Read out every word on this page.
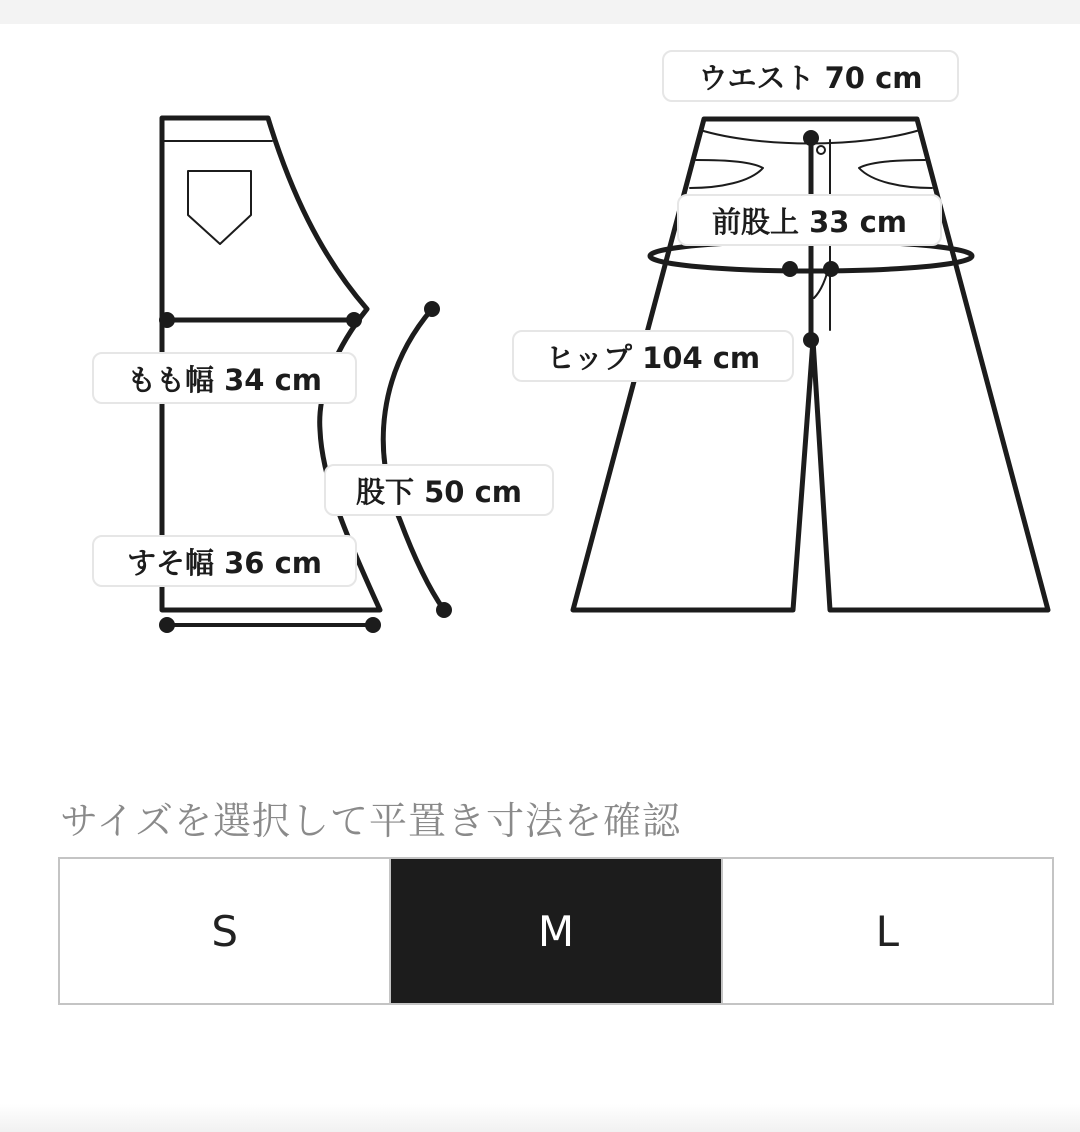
ウエスト 70 cm
前股上 33 cm
ヒップ 104 cm
もも幅 34 cm
股下 50 cm
すそ幅 36 cm
サイズを選択して平置き寸法を確認
S	M	L
